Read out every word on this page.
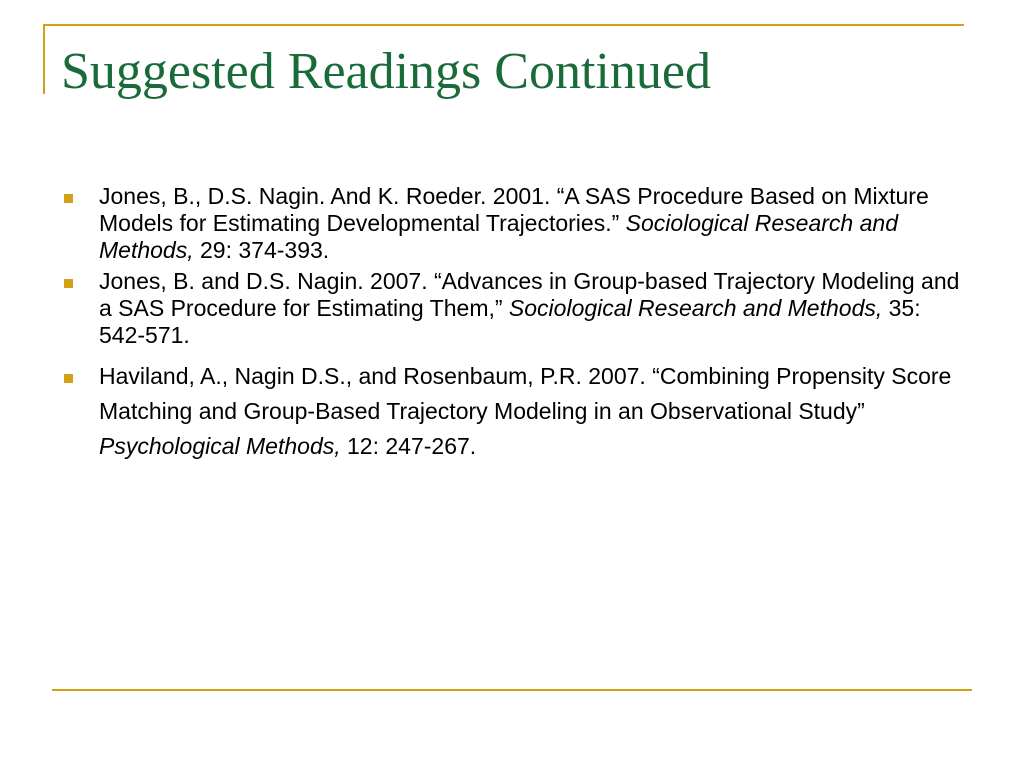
Suggested Readings Continued
Jones, B., D.S. Nagin. And K. Roeder. 2001. “A SAS Procedure Based on Mixture Models for Estimating Developmental Trajectories.” Sociological Research and Methods, 29: 374-393.
Jones, B. and D.S. Nagin. 2007. “Advances in Group-based Trajectory Modeling and a SAS Procedure for Estimating Them,” Sociological Research and Methods, 35: 542-571.
Haviland, A., Nagin D.S., and Rosenbaum, P.R. 2007. “Combining Propensity Score Matching and Group-Based Trajectory Modeling in an Observational Study” Psychological Methods, 12: 247-267.
